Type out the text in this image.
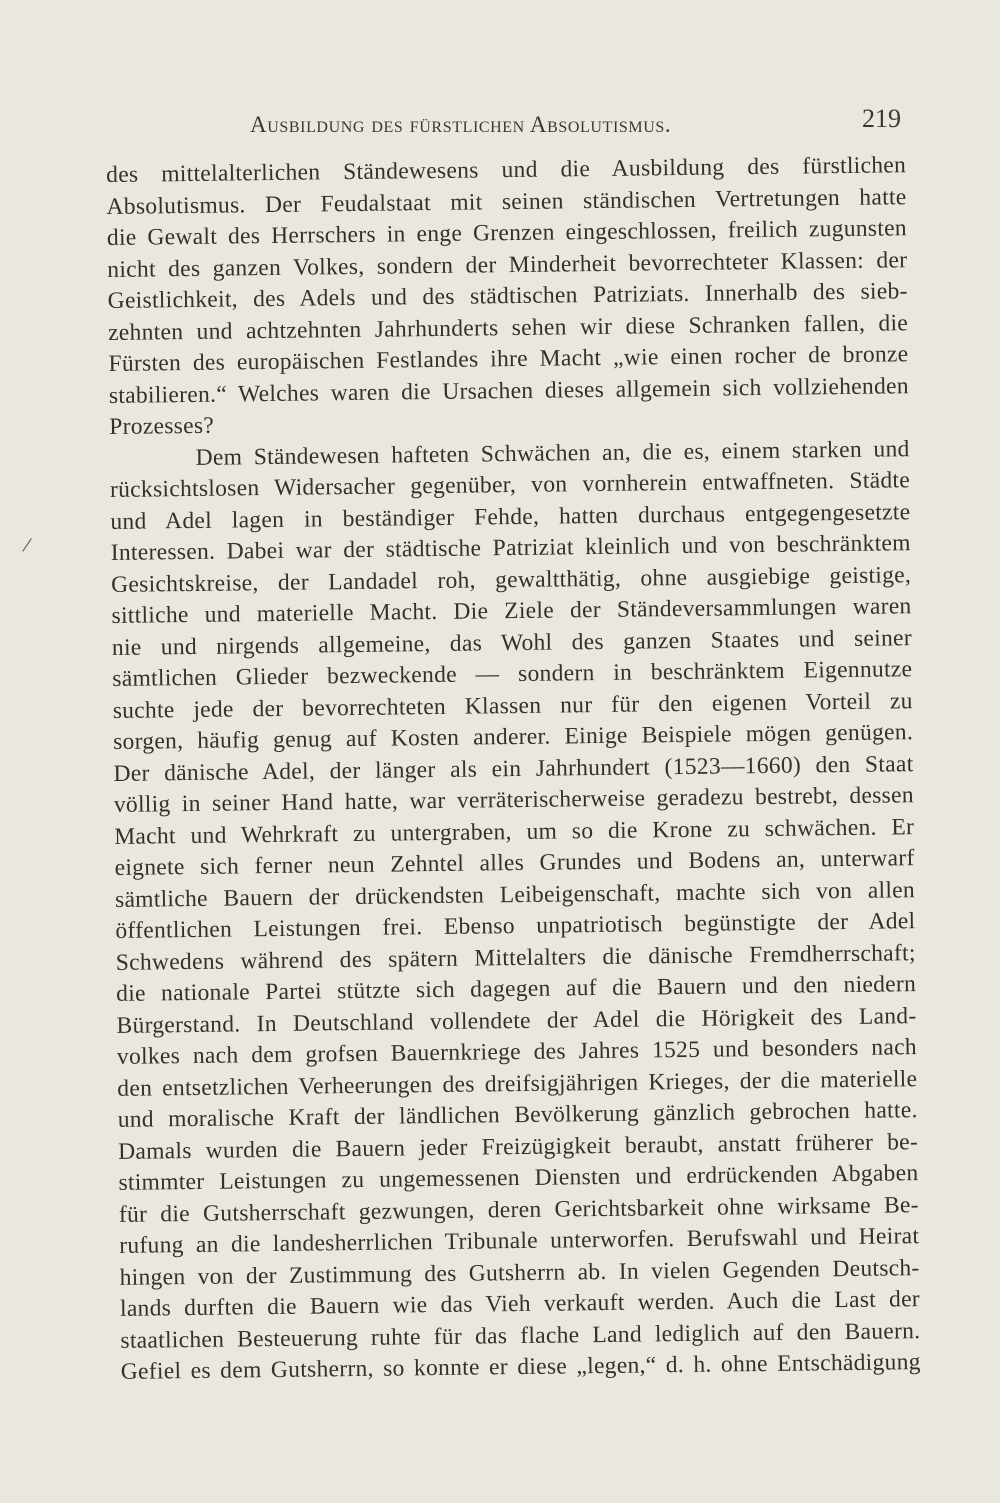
Ausbildung des fürstlichen Absolutismus.	219
/
des mittelalterlichen Ständewesens und die Ausbildung des fürstlichen
Absolutismus. Der Feudalstaat mit seinen ständischen Vertretungen hatte
die Gewalt des Herrschers in enge Grenzen eingeschlossen, freilich zugunsten
nicht des ganzen Volkes, sondern der Minderheit bevorrechteter Klassen: der
Geistlichkeit, des Adels und des städtischen Patriziats. Innerhalb des sieb-
zehnten und achtzehnten Jahrhunderts sehen wir diese Schranken fallen, die
Fürsten des europäischen Festlandes ihre Macht „wie einen rocher de bronze
stabilieren.“ Welches waren die Ursachen dieses allgemein sich vollziehenden
Prozesses?
Dem Ständewesen hafteten Schwächen an, die es, einem starken und
rücksichtslosen Widersacher gegenüber, von vornherein entwaffneten. Städte
und Adel lagen in beständiger Fehde, hatten durchaus entgegengesetzte
Interessen. Dabei war der städtische Patriziat kleinlich und von beschränktem
Gesichtskreise, der Landadel roh, gewaltthätig, ohne ausgiebige geistige,
sittliche und materielle Macht. Die Ziele der Ständeversammlungen waren
nie und nirgends allgemeine, das Wohl des ganzen Staates und seiner
sämtlichen Glieder bezweckende — sondern in beschränktem Eigennutze
suchte jede der bevorrechteten Klassen nur für den eigenen Vorteil zu
sorgen, häufig genug auf Kosten anderer. Einige Beispiele mögen genügen.
Der dänische Adel, der länger als ein Jahrhundert (1523—1660) den Staat
völlig in seiner Hand hatte, war verräterischerweise geradezu bestrebt, dessen
Macht und Wehrkraft zu untergraben, um so die Krone zu schwächen. Er
eignete sich ferner neun Zehntel alles Grundes und Bodens an, unterwarf
sämtliche Bauern der drückendsten Leibeigenschaft, machte sich von allen
öffentlichen Leistungen frei. Ebenso unpatriotisch begünstigte der Adel
Schwedens während des spätern Mittelalters die dänische Fremdherrschaft;
die nationale Partei stützte sich dagegen auf die Bauern und den niedern
Bürgerstand. In Deutschland vollendete der Adel die Hörigkeit des Land-
volkes nach dem grofsen Bauernkriege des Jahres 1525 und besonders nach
den entsetzlichen Verheerungen des dreifsigjährigen Krieges, der die materielle
und moralische Kraft der ländlichen Bevölkerung gänzlich gebrochen hatte.
Damals wurden die Bauern jeder Freizügigkeit beraubt, anstatt früherer be-
stimmter Leistungen zu ungemessenen Diensten und erdrückenden Abgaben
für die Gutsherrschaft gezwungen, deren Gerichtsbarkeit ohne wirksame Be-
rufung an die landesherrlichen Tribunale unterworfen. Berufswahl und Heirat
hingen von der Zustimmung des Gutsherrn ab. In vielen Gegenden Deutsch-
lands durften die Bauern wie das Vieh verkauft werden. Auch die Last der
staatlichen Besteuerung ruhte für das flache Land lediglich auf den Bauern.
Gefiel es dem Gutsherrn, so konnte er diese „legen,“ d. h. ohne Entschädigung
